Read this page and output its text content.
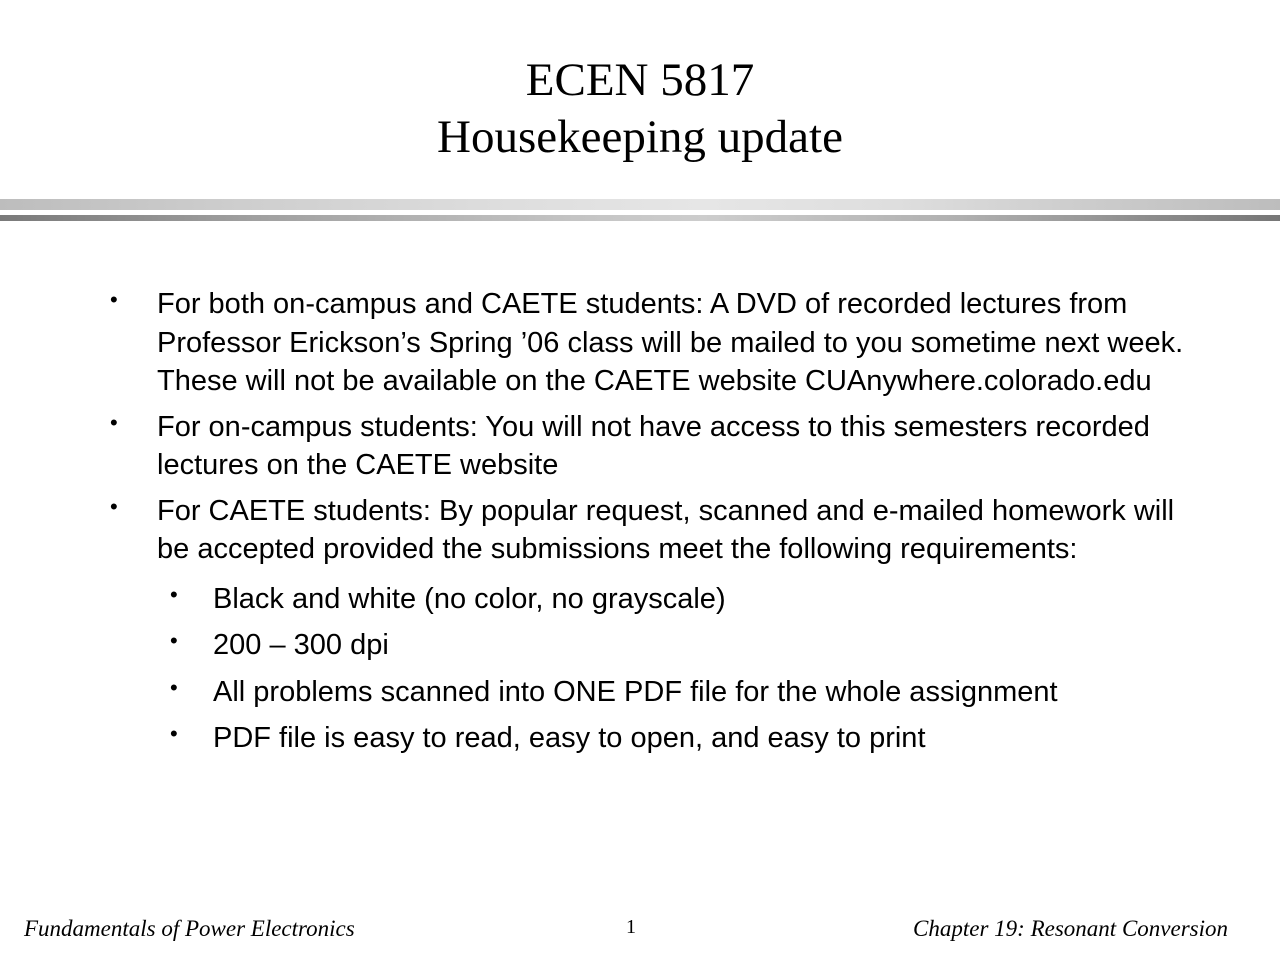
ECEN 5817
Housekeeping update
• For both on-campus and CAETE students: A DVD of recorded lectures from Professor Erickson’s Spring ’06 class will be mailed to you sometime next week. These will not be available on the CAETE website CUAnywhere.colorado.edu
• For on-campus students: You will not have access to this semesters recorded lectures on the CAETE website
• For CAETE students: By popular request, scanned and e-mailed homework will be accepted provided the submissions meet the following requirements:
• Black and white (no color, no grayscale)
• 200 – 300 dpi
• All problems scanned into ONE PDF file for the whole assignment
• PDF file is easy to read, easy to open, and easy to print
Fundamentals of Power Electronics	1	Chapter 19: Resonant Conversion
